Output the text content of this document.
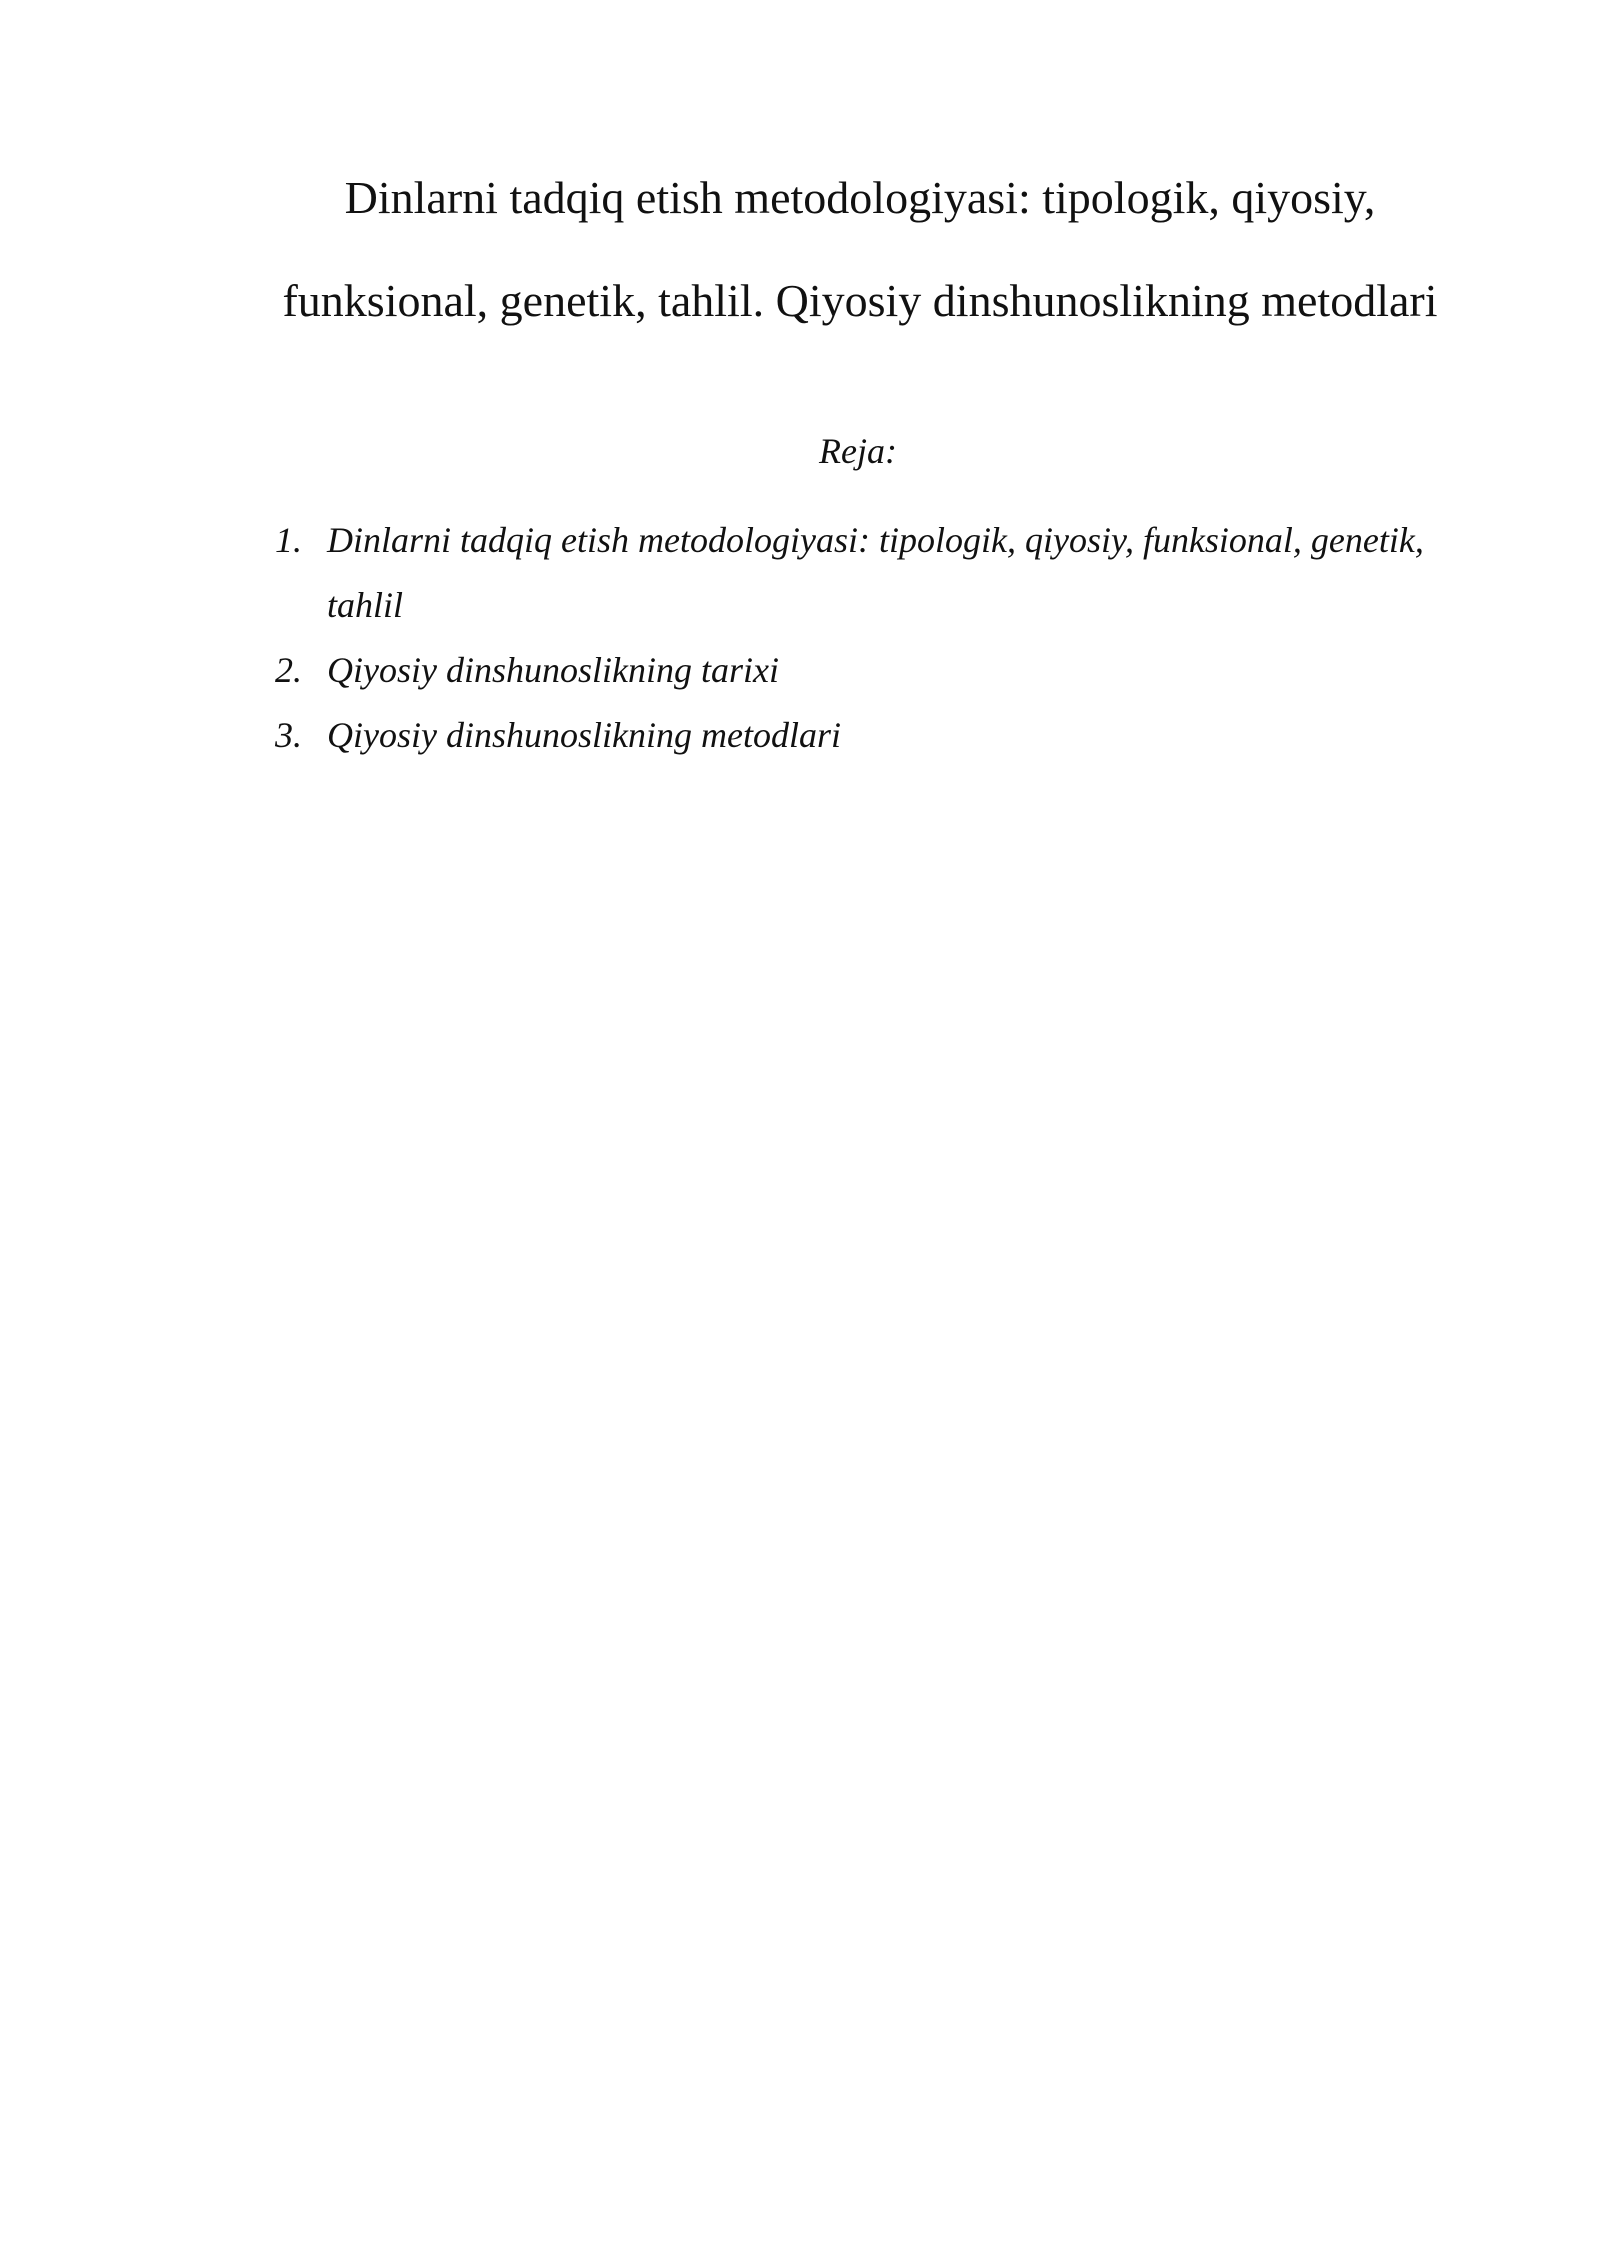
Dinlarni tadqiq etish metodologiyasi: tipologik, qiyosiy,
funksional, genetik, tahlil. Qiyosiy dinshunoslikning metodlari
Reja:
1. Dinlarni tadqiq etish metodologiyasi: tipologik, qiyosiy, funksional, genetik, tahlil
2. Qiyosiy dinshunoslikning tarixi
3. Qiyosiy dinshunoslikning metodlari
